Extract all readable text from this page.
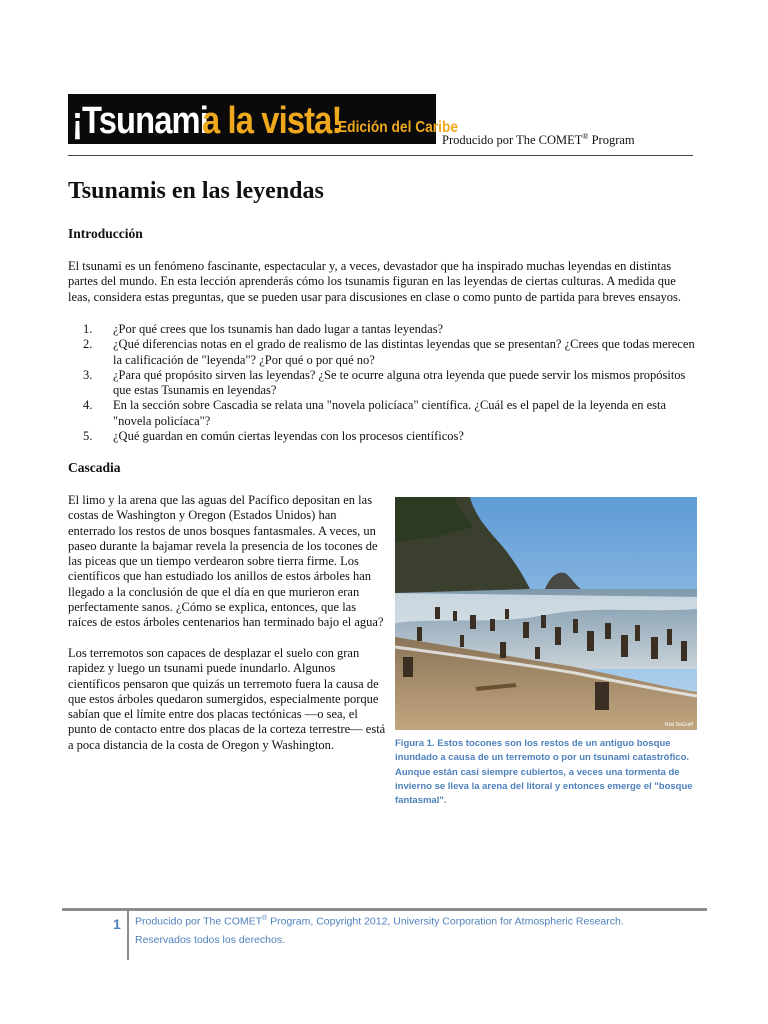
¡Tsunami
a la vista!
Edición del Caribe
Producido por The COMET® Program
Tsunamis en las leyendas
Introducción

El tsunami es un fenómeno fascinante, espectacular y, a veces, devastador que ha inspirado muchas leyendas en distintas partes del mundo. En esta lección aprenderás cómo los tsunamis figuran en las leyendas de ciertas culturas. A medida que leas, considera estas preguntas, que se pueden usar para discusiones en clase o como punto de partida para breves ensayos.

1.	¿Por qué crees que los tsunamis han dado lugar a tantas leyendas?
2.	¿Qué diferencias notas en el grado de realismo de las distintas leyendas que se presentan? ¿Crees que todas merecen la calificación de "leyenda"? ¿Por qué o por qué no?
3.	¿Para qué propósito sirven las leyendas? ¿Se te ocurre alguna otra leyenda que puede servir los mismos propósitos que estas Tsunamis en leyendas?
4.	En la sección sobre Cascadia se relata una "novela policíaca" científica. ¿Cuál es el papel de la leyenda en esta "novela policíaca"?
5.	¿Qué guardan en común ciertas leyendas con los procesos científicos?
Cascadia

El limo y la arena que las aguas del Pacífico depositan en las costas de Washington y Oregon (Estados Unidos) han enterrado los restos de unos bosques fantasmales. A veces, un paseo durante la bajamar revela la presencia de los tocones de las piceas que un tiempo verdearon sobre tierra firme. Los científicos que han estudiado los anillos de estos árboles han llegado a la conclusión de que el día en que murieron eran perfectamente sanos. ¿Cómo se explica, entonces, que las raíces de estos árboles centenarios han terminado bajo el agua?

Los terremotos son capaces de desplazar el suelo con gran rapidez y luego un tsunami puede inundarlo. Algunos científicos pensaron que quizás un terremoto fuera la causa de que estos árboles quedaron sumergidos, especialmente porque sabían que el límite entre dos placas tectónicas —o sea, el punto de contacto entre dos placas de la corteza terrestre— está a poca distancia de la costa de Oregon y Washington.

Rob DeGraff

Figura 1. Estos tocones son los restos de un antiguo bosque inundado a causa de un terremoto o por un tsunami catastrófico. Aunque están casi siempre cubiertos, a veces una tormenta de invierno se lleva la arena del litoral y entonces emerge el "bosque fantasmal".

1 Producido por The COMET® Program, Copyright 2012, University Corporation for Atmospheric Research.
Reservados todos los derechos.
